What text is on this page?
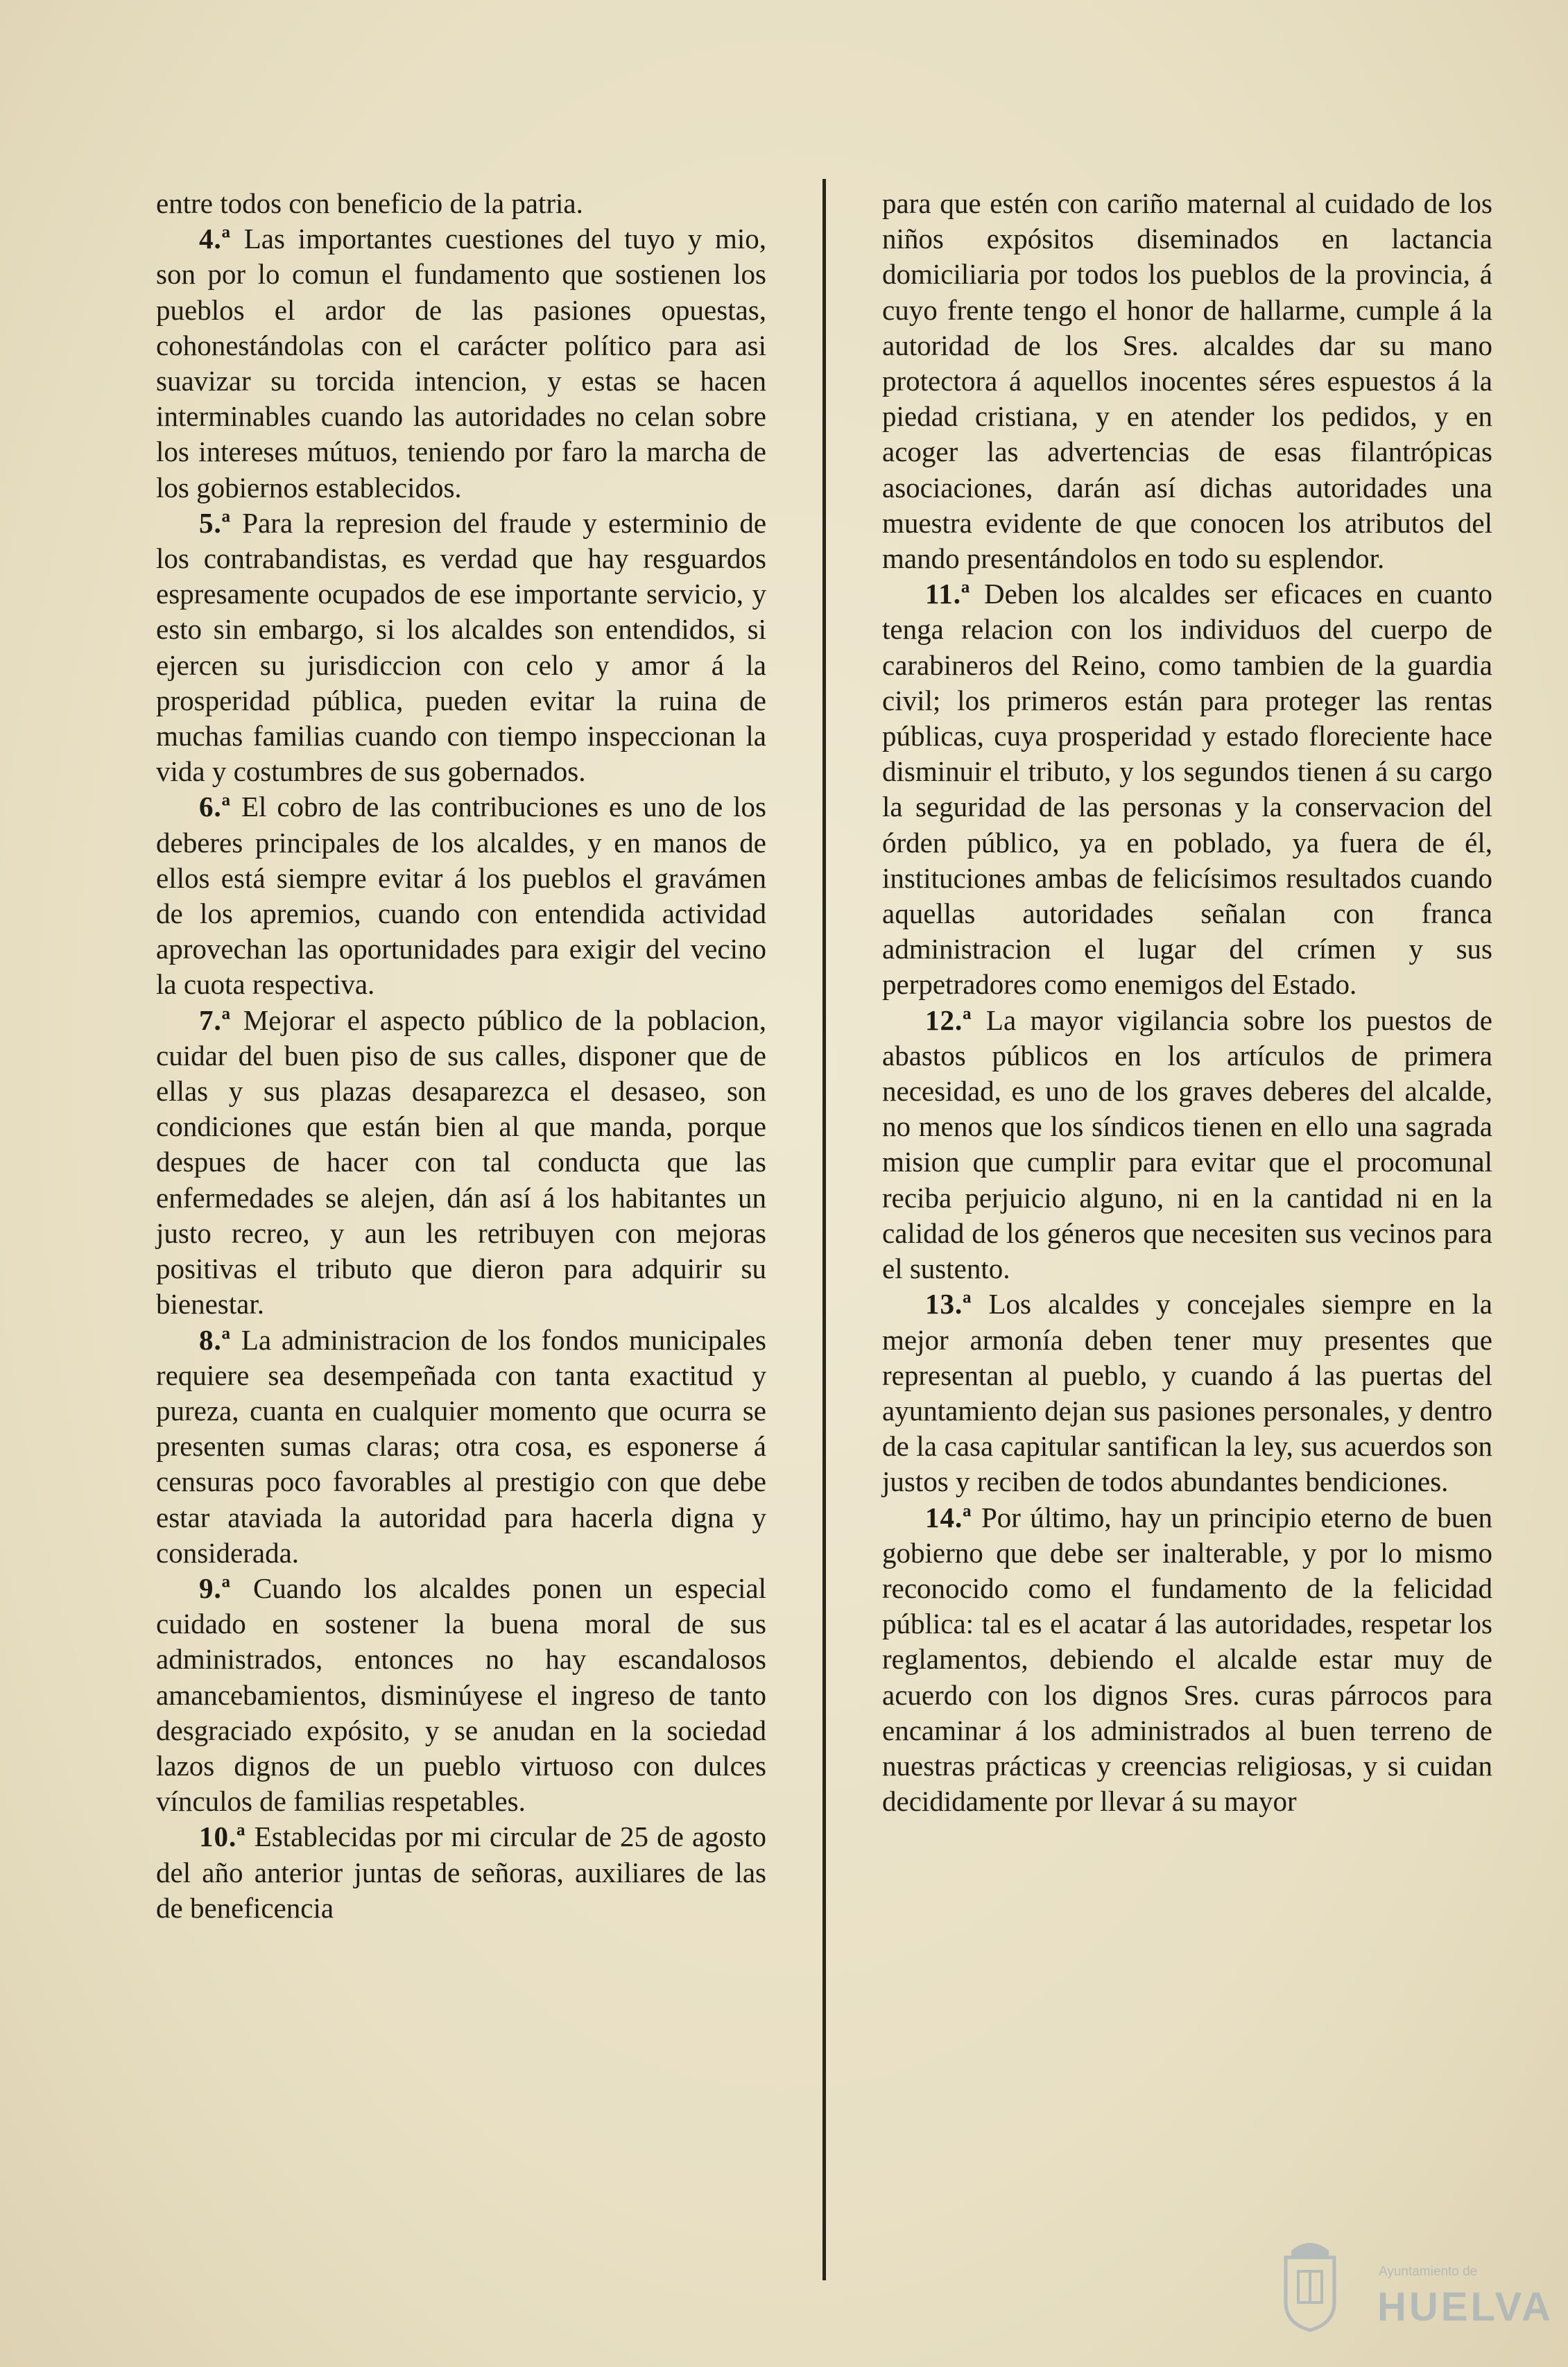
entre todos con beneficio de la patria.

4.ª Las importantes cuestiones del tuyo y mio, son por lo comun el fundamento que sostienen los pueblos el ardor de las pasiones opuestas, cohonestándolas con el carácter político para asi suavizar su torcida intencion, y estas se hacen interminables cuando las autoridades no celan sobre los intereses mútuos, teniendo por faro la marcha de los gobiernos establecidos.

5.ª Para la represion del fraude y esterminio de los contrabandistas, es verdad que hay resguardos espresamente ocupados de ese importante servicio, y esto sin embargo, si los alcaldes son entendidos, si ejercen su jurisdiccion con celo y amor á la prosperidad pública, pueden evitar la ruina de muchas familias cuando con tiempo inspeccionan la vida y costumbres de sus gobernados.

6.ª El cobro de las contribuciones es uno de los deberes principales de los alcaldes, y en manos de ellos está siempre evitar á los pueblos el gravámen de los apremios, cuando con entendida actividad aprovechan las oportunidades para exigir del vecino la cuota respectiva.

7.ª Mejorar el aspecto público de la poblacion, cuidar del buen piso de sus calles, disponer que de ellas y sus plazas desaparezca el desaseo, son condiciones que están bien al que manda, porque despues de hacer con tal conducta que las enfermedades se alejen, dán así á los habitantes un justo recreo, y aun les retribuyen con mejoras positivas el tributo que dieron para adquirir su bienestar.

8.ª La administracion de los fondos municipales requiere sea desempeñada con tanta exactitud y pureza, cuanta en cualquier momento que ocurra se presenten sumas claras; otra cosa, es esponerse á censuras poco favorables al prestigio con que debe estar ataviada la autoridad para hacerla digna y considerada.

9.ª Cuando los alcaldes ponen un especial cuidado en sostener la buena moral de sus administrados, entonces no hay escandalosos amancebamientos, disminúyese el ingreso de tanto desgraciado expósito, y se anudan en la sociedad lazos dignos de un pueblo virtuoso con dulces vínculos de familias respetables.

10.ª Establecidas por mi circular de 25 de agosto del año anterior juntas de señoras, auxiliares de las de beneficencia

para que estén con cariño maternal al cuidado de los niños expósitos diseminados en lactancia domiciliaria por todos los pueblos de la provincia, á cuyo frente tengo el honor de hallarme, cumple á la autoridad de los Sres. alcaldes dar su mano protectora á aquellos inocentes séres espuestos á la piedad cristiana, y en atender los pedidos, y en acoger las advertencias de esas filantrópicas asociaciones, darán así dichas autoridades una muestra evidente de que conocen los atributos del mando presentándolos en todo su esplendor.

11.ª Deben los alcaldes ser eficaces en cuanto tenga relacion con los individuos del cuerpo de carabineros del Reino, como tambien de la guardia civil; los primeros están para proteger las rentas públicas, cuya prosperidad y estado floreciente hace disminuir el tributo, y los segundos tienen á su cargo la seguridad de las personas y la conservacion del órden público, ya en poblado, ya fuera de él, instituciones ambas de felicísimos resultados cuando aquellas autoridades señalan con franca administracion el lugar del crímen y sus perpetradores como enemigos del Estado.

12.ª La mayor vigilancia sobre los puestos de abastos públicos en los artículos de primera necesidad, es uno de los graves deberes del alcalde, no menos que los síndicos tienen en ello una sagrada mision que cumplir para evitar que el procomunal reciba perjuicio alguno, ni en la cantidad ni en la calidad de los géneros que necesiten sus vecinos para el sustento.

13.ª Los alcaldes y concejales siempre en la mejor armonía deben tener muy presentes que representan al pueblo, y cuando á las puertas del ayuntamiento dejan sus pasiones personales, y dentro de la casa capitular santifican la ley, sus acuerdos son justos y reciben de todos abundantes bendiciones.

14.ª Por último, hay un principio eterno de buen gobierno que debe ser inalterable, y por lo mismo reconocido como el fundamento de la felicidad pública: tal es el acatar á las autoridades, respetar los reglamentos, debiendo el alcalde estar muy de acuerdo con los dignos Sres. curas párrocos para encaminar á los administrados al buen terreno de nuestras prácticas y creencias religiosas, y si cuidan decididamente por llevar á su mayor

Ayuntamiento de
HUELVA
